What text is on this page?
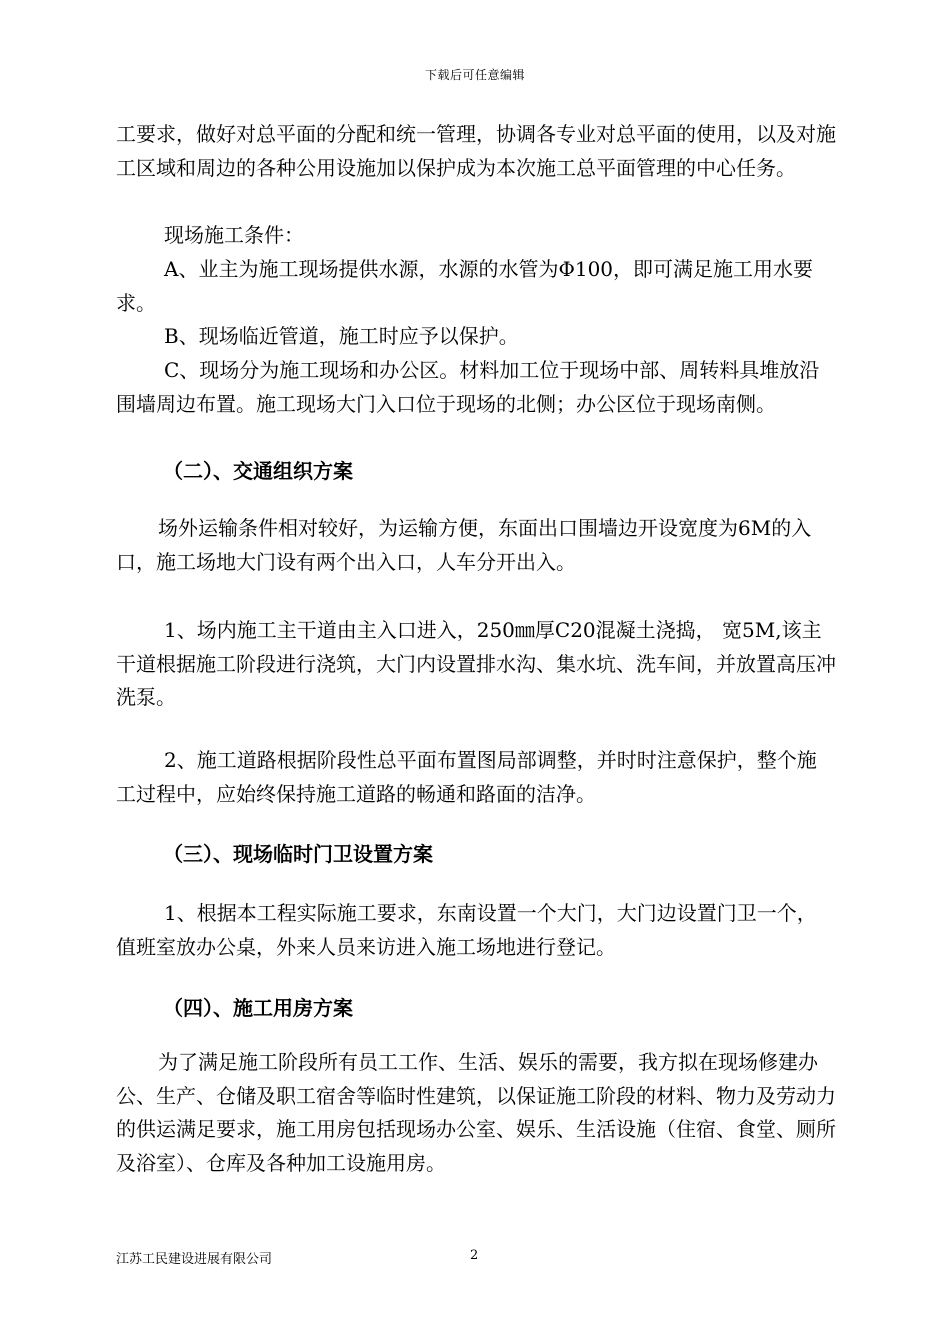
下载后可任意编辑

工要求，做好对总平面的分配和统一管理，协调各专业对总平面的使用，以及对施工区域和周边的各种公用设施加以保护成为本次施工总平面管理的中心任务。

现场施工条件：

A、业主为施工现场提供水源，水源的水管为Φ100，即可满足施工用水要求。

B、现场临近管道，施工时应予以保护。

C、现场分为施工现场和办公区。材料加工位于现场中部、周转料具堆放沿围墙周边布置。施工现场大门入口位于现场的北侧；办公区位于现场南侧。

（二）、交通组织方案

场外运输条件相对较好，为运输方便，东面出口围墙边开设宽度为6M的入口，施工场地大门设有两个出入口，人车分开出入。

1、场内施工主干道由主入口进入，250㎜厚C20混凝土浇捣， 宽5M,该主干道根据施工阶段进行浇筑，大门内设置排水沟、集水坑、洗车间，并放置高压冲洗泵。

2、施工道路根据阶段性总平面布置图局部调整，并时时注意保护，整个施工过程中，应始终保持施工道路的畅通和路面的洁净。

（三）、现场临时门卫设置方案

1、根据本工程实际施工要求，东南设置一个大门，大门边设置门卫一个，值班室放办公桌，外来人员来访进入施工场地进行登记。

（四）、施工用房方案

为了满足施工阶段所有员工工作、生活、娱乐的需要，我方拟在现场修建办公、生产、仓储及职工宿舍等临时性建筑，以保证施工阶段的材料、物力及劳动力的供运满足要求，施工用房包括现场办公室、娱乐、生活设施（住宿、食堂、厕所及浴室）、仓库及各种加工设施用房。

江苏工民建设进展有限公司	2
